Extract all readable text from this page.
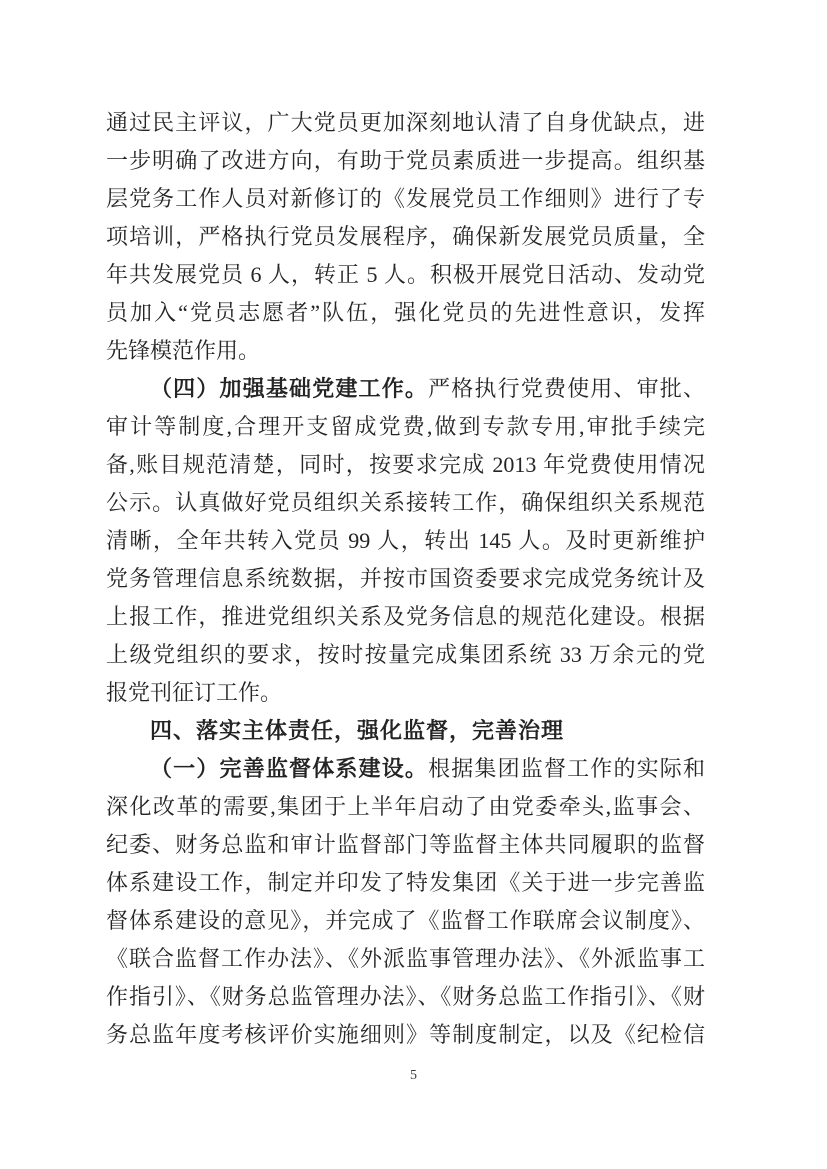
通过民主评议，广大党员更加深刻地认清了自身优缺点，进
一步明确了改进方向，有助于党员素质进一步提高。组织基
层党务工作人员对新修订的《发展党员工作细则》进行了专
项培训，严格执行党员发展程序，确保新发展党员质量，全
年共发展党员 6 人，转正 5 人。积极开展党日活动、发动党
员加入“党员志愿者”队伍，强化党员的先进性意识，发挥
先锋模范作用。
（四）加强基础党建工作。严格执行党费使用、审批、
审计等制度,合理开支留成党费,做到专款专用,审批手续完
备,账目规范清楚，同时，按要求完成 2013 年党费使用情况
公示。认真做好党员组织关系接转工作，确保组织关系规范
清晰，全年共转入党员 99 人，转出 145 人。及时更新维护
党务管理信息系统数据，并按市国资委要求完成党务统计及
上报工作，推进党组织关系及党务信息的规范化建设。根据
上级党组织的要求，按时按量完成集团系统 33 万余元的党
报党刊征订工作。
四、落实主体责任，强化监督，完善治理
（一）完善监督体系建设。根据集团监督工作的实际和
深化改革的需要,集团于上半年启动了由党委牵头,监事会、
纪委、财务总监和审计监督部门等监督主体共同履职的监督
体系建设工作，制定并印发了特发集团《关于进一步完善监
督体系建设的意见》，并完成了《监督工作联席会议制度》、
《联合监督工作办法》、《外派监事管理办法》、《外派监事工
作指引》、《财务总监管理办法》、《财务总监工作指引》、《财
务总监年度考核评价实施细则》等制度制定，以及《纪检信
5
